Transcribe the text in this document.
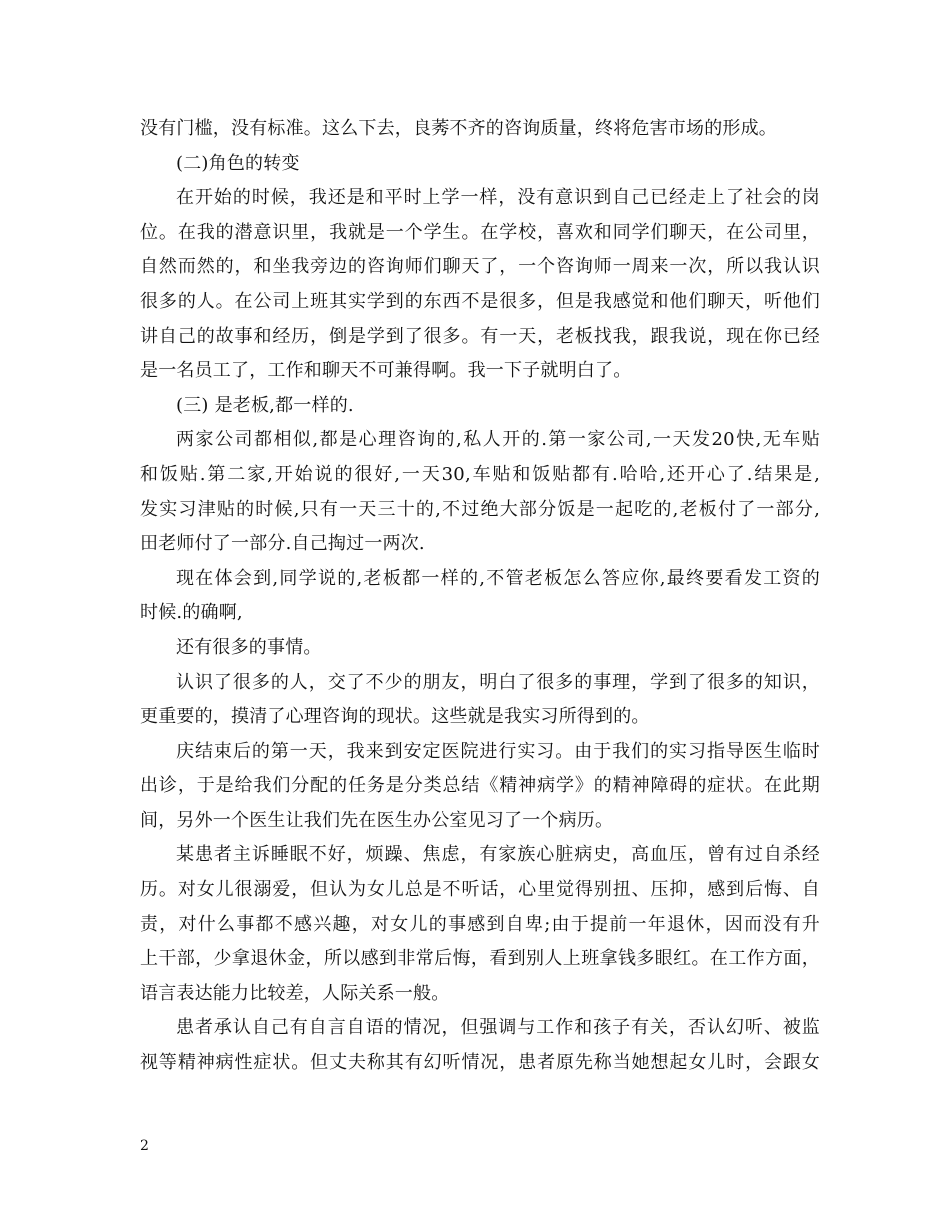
没有门槛，没有标准。这么下去，良莠不齐的咨询质量，终将危害市场的形成。
(二)角色的转变
在开始的时候，我还是和平时上学一样，没有意识到自己已经走上了社会的岗
位。在我的潜意识里，我就是一个学生。在学校，喜欢和同学们聊天，在公司里，
自然而然的，和坐我旁边的咨询师们聊天了，一个咨询师一周来一次，所以我认识
很多的人。在公司上班其实学到的东西不是很多，但是我感觉和他们聊天，听他们
讲自己的故事和经历，倒是学到了很多。有一天，老板找我，跟我说，现在你已经
是一名员工了，工作和聊天不可兼得啊。我一下子就明白了。
(三) 是老板,都一样的.
两家公司都相似,都是心理咨询的,私人开的.第一家公司,一天发20快,无车贴
和饭贴.第二家,开始说的很好,一天30,车贴和饭贴都有.哈哈,还开心了.结果是,
发实习津贴的时候,只有一天三十的,不过绝大部分饭是一起吃的,老板付了一部分,
田老师付了一部分.自己掏过一两次.
现在体会到,同学说的,老板都一样的,不管老板怎么答应你,最终要看发工资的
时候.的确啊,
还有很多的事情。
认识了很多的人，交了不少的朋友，明白了很多的事理，学到了很多的知识，
更重要的，摸清了心理咨询的现状。这些就是我实习所得到的。
庆结束后的第一天，我来到安定医院进行实习。由于我们的实习指导医生临时
出诊，于是给我们分配的任务是分类总结《精神病学》的精神障碍的症状。在此期
间，另外一个医生让我们先在医生办公室见习了一个病历。
某患者主诉睡眠不好，烦躁、焦虑，有家族心脏病史，高血压，曾有过自杀经
历。对女儿很溺爱，但认为女儿总是不听话，心里觉得别扭、压抑，感到后悔、自
责，对什么事都不感兴趣，对女儿的事感到自卑;由于提前一年退休，因而没有升
上干部，少拿退休金，所以感到非常后悔，看到别人上班拿钱多眼红。在工作方面，
语言表达能力比较差，人际关系一般。
患者承认自己有自言自语的情况，但强调与工作和孩子有关，否认幻听、被监
视等精神病性症状。但丈夫称其有幻听情况，患者原先称当她想起女儿时，会跟女
2
